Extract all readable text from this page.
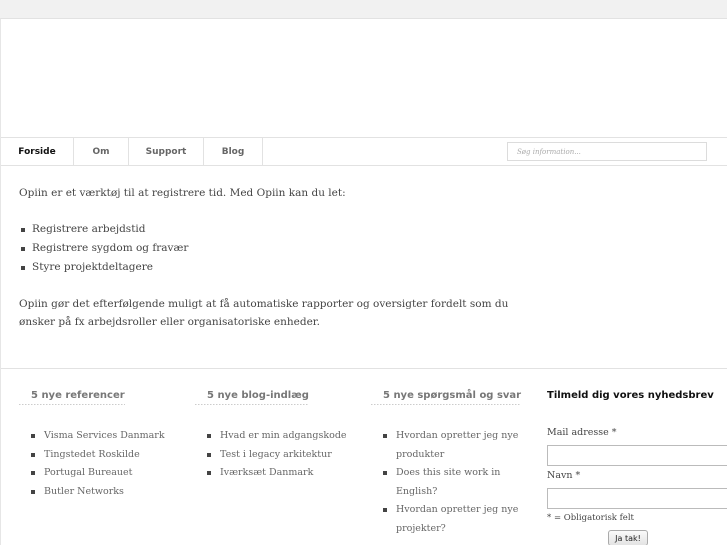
Forside	Om	Support	Blog
Søg information...

Opiin er et værktøj til at registrere tid. Med Opiin kan du let:

Registrere arbejdstid
Registrere sygdom og fravær
Styre projektdeltagere

Opiin gør det efterfølgende muligt at få automatiske rapporter og oversigter fordelt som du

ønsker på fx arbejdsroller eller organisatoriske enheder.

5 nye referencer
Visma Services Danmark
Tingstedet Roskilde
Portugal Bureauet
Butler Networks
5 nye blog-indlæg
Hvad er min adgangskode
Test i legacy arkitektur
Iværksæt Danmark
5 nye spørgsmål og svar
Hvordan opretter jeg nye
produkter
Does this site work in English?
Hvordan opretter jeg nye
projekter?
Tilmeld dig vores nyhedsbrev
Mail adresse *
Navn *
* = Obligatorisk felt
Ja tak!
